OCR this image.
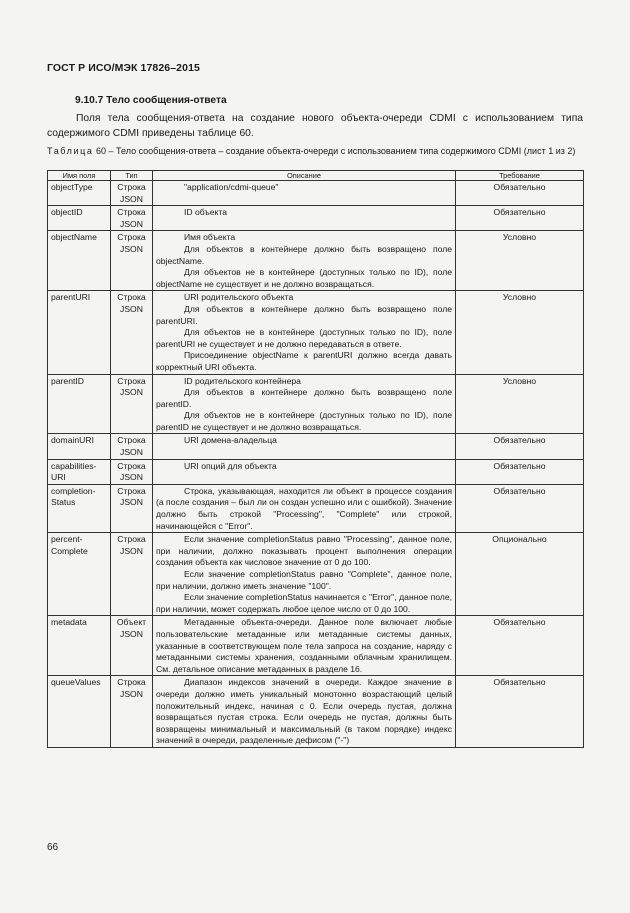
ГОСТ Р ИСО/МЭК 17826–2015
9.10.7 Тело сообщения-ответа
Поля тела сообщения-ответа на создание нового объекта-очереди CDMI с использованием типа содержимого CDMI приведены таблице 60.
Таблица 60 – Тело сообщения-ответа – создание объекта-очереди с использованием типа содержимого CDMI (лист 1 из 2)
Имя поля	Тип	Описание	Требование
objectType	Строка JSON	"application/cdmi-queue"	Обязательно
objectID	Строка JSON	ID объекта	Обязательно
objectName	Строка JSON	Имя объекта

Для объектов в контейнере должно быть возвращено поле objectName.

Для объектов не в контейнере (доступных только по ID), поле objectName не существует и не должно возвращаться.	Условно
parentURI	Строка JSON	URI родительского объекта

Для объектов в контейнере должно быть возвращено поле parentURI.

Для объектов не в контейнере (доступных только по ID), поле parentURI не существует и не должно передаваться в ответе.

Присоединение objectName к parentURI должно всегда давать корректный URI объекта.	Условно
parentID	Строка JSON	ID родительского контейнера

Для объектов в контейнере должно быть возвращено поле parentID.

Для объектов не в контейнере (доступных только по ID), поле parentID не существует и не должно возвращаться.	Условно
domainURI	Строка JSON	URI домена-владельца	Обязательно
capabilities-URI	Строка JSON	URI опций для объекта	Обязательно
completion-Status	Строка JSON	Строка, указывающая, находится ли объект в процессе создания (а после создания – был ли он создан успешно или с ошибкой). Значение должно быть строкой "Processing", "Complete" или строкой, начинающейся с "Error".	Обязательно
percent-Complete	Строка JSON	Если значение completionStatus равно "Processing", данное поле, при наличии, должно показывать процент выполнения операции создания объекта как числовое значение от 0 до 100.

Если значение completionStatus равно "Complete", данное поле, при наличии, должно иметь значение "100".

Если значение completionStatus начинается с "Error", данное поле, при наличии, может содержать любое целое число от 0 до 100.	Опционально
metadata	Объект JSON	Метаданные объекта-очереди. Данное поле включает любые пользовательские метаданные или метаданные системы данных, указанные в соответствующем поле тела запроса на создание, наряду с метаданными системы хранения, созданными облачным хранилищем. См. детальное описание метаданных в разделе 16.	Обязательно
queueValues	Строка JSON	Диапазон индексов значений в очереди. Каждое значение в очереди должно иметь уникальный монотонно возрастающий целый положительный индекс, начиная с 0. Если очередь пустая, должна возвращаться пустая строка. Если очередь не пустая, должны быть возвращены минимальный и максимальный (в таком порядке) индекс значений в очереди, разделенные дефисом ("-")	Обязательно
66
